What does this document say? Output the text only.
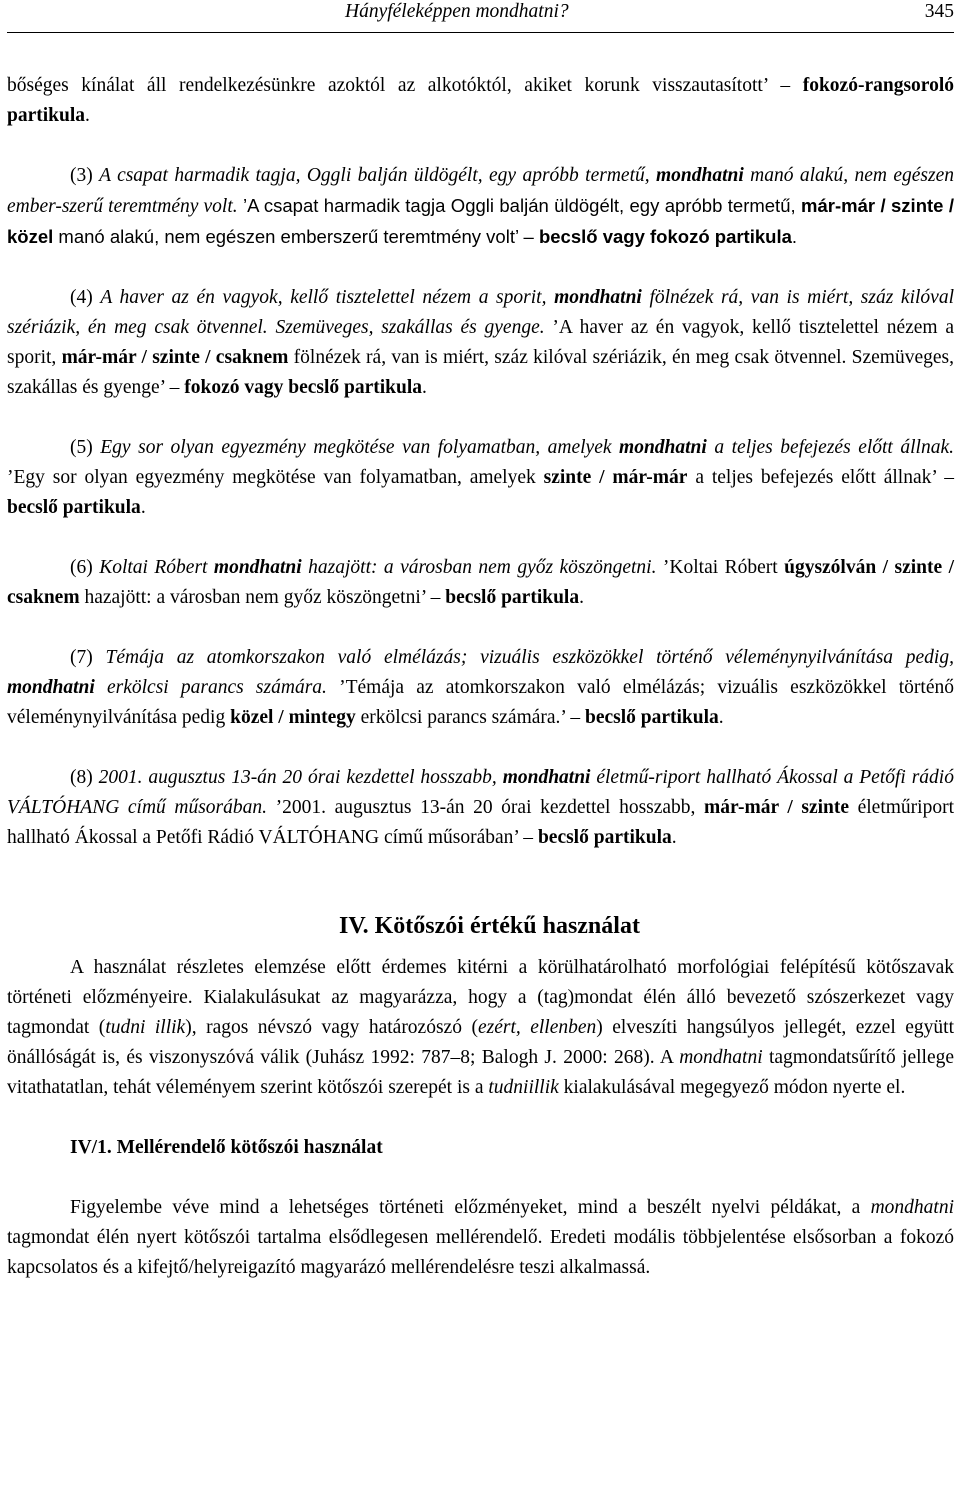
Hányféleképpen mondhatni?	345

bőséges kínálat áll rendelkezésünkre azoktól az alkotóktól, akiket korunk visszautasított’ – fokozó-rangsoroló partikula.

(3) A csapat harmadik tagja, Oggli balján üldögélt, egy apróbb termetű, mondhatni manó alakú, nem egészen ember-szerű teremtmény volt. ’A csapat harmadik tagja Oggli balján üldögélt, egy apróbb termetű, már-már / szinte / közel manó alakú, nem egészen emberszerű teremtmény volt’ – becslő vagy fokozó partikula.

(4) A haver az én vagyok, kellő tisztelettel nézem a sporit, mondhatni fölnézek rá, van is miért, száz kilóval szériázik, én meg csak ötvennel. Szemüveges, szakállas és gyenge. ’A haver az én vagyok, kellő tisztelettel nézem a sporit, már-már / szinte / csaknem fölnézek rá, van is miért, száz kilóval szériázik, én meg csak ötvennel. Szemüveges, szakállas és gyenge’ – fokozó vagy becslő partikula.

(5) Egy sor olyan egyezmény megkötése van folyamatban, amelyek mondhatni a teljes befejezés előtt állnak. ’Egy sor olyan egyezmény megkötése van folyamatban, amelyek szinte / már-már a teljes befejezés előtt állnak’ – becslő partikula.

(6) Koltai Róbert mondhatni hazajött: a városban nem győz köszöngetni. ’Koltai Róbert úgyszólván / szinte / csaknem hazajött: a városban nem győz köszöngetni’ – becslő partikula.

(7) Témája az atomkorszakon való elmélázás; vizuális eszközökkel történő véleménynyilvánítása pedig, mondhatni erkölcsi parancs számára. ’Témája az atomkorszakon való elmélázás; vizuális eszközökkel történő véleménynyilvánítása pedig közel / mintegy erkölcsi parancs számára.’ – becslő partikula.

(8) 2001. augusztus 13-án 20 órai kezdettel hosszabb, mondhatni életmű-riport hallható Ákossal a Petőfi rádió VÁLTÓHANG című műsorában. ’2001. augusztus 13-án 20 órai kezdettel hosszabb, már-már / szinte életműriport hallható Ákossal a Petőfi Rádió VÁLTÓHANG című műsorában’ – becslő partikula.

IV. Kötőszói értékű használat

A használat részletes elemzése előtt érdemes kitérni a körülhatárolható morfológiai felépítésű kötőszavak történeti előzményeire. Kialakulásukat az magyarázza, hogy a (tag)mondat élén álló bevezető szószerkezet vagy tagmondat (tudni illik), ragos névszó vagy határozószó (ezért, ellenben) elveszíti hangsúlyos jellegét, ezzel együtt önállóságát is, és viszonyszóvá válik (Juhász 1992: 787–8; Balogh J. 2000: 268). A mondhatni tagmondatsűrítő jellege vitathatatlan, tehát véleményem szerint kötőszói szerepét is a tudniillik kialakulásával megegyező módon nyerte el.

IV/1. Mellérendelő kötőszói használat

Figyelembe véve mind a lehetséges történeti előzményeket, mind a beszélt nyelvi példákat, a mondhatni tagmondat élén nyert kötőszói tartalma elsődlegesen mellérendelő. Eredeti modális többjelentése elsősorban a fokozó kapcsolatos és a kifejtő/helyreigazító magyarázó mellérendelésre teszi alkalmassá.
